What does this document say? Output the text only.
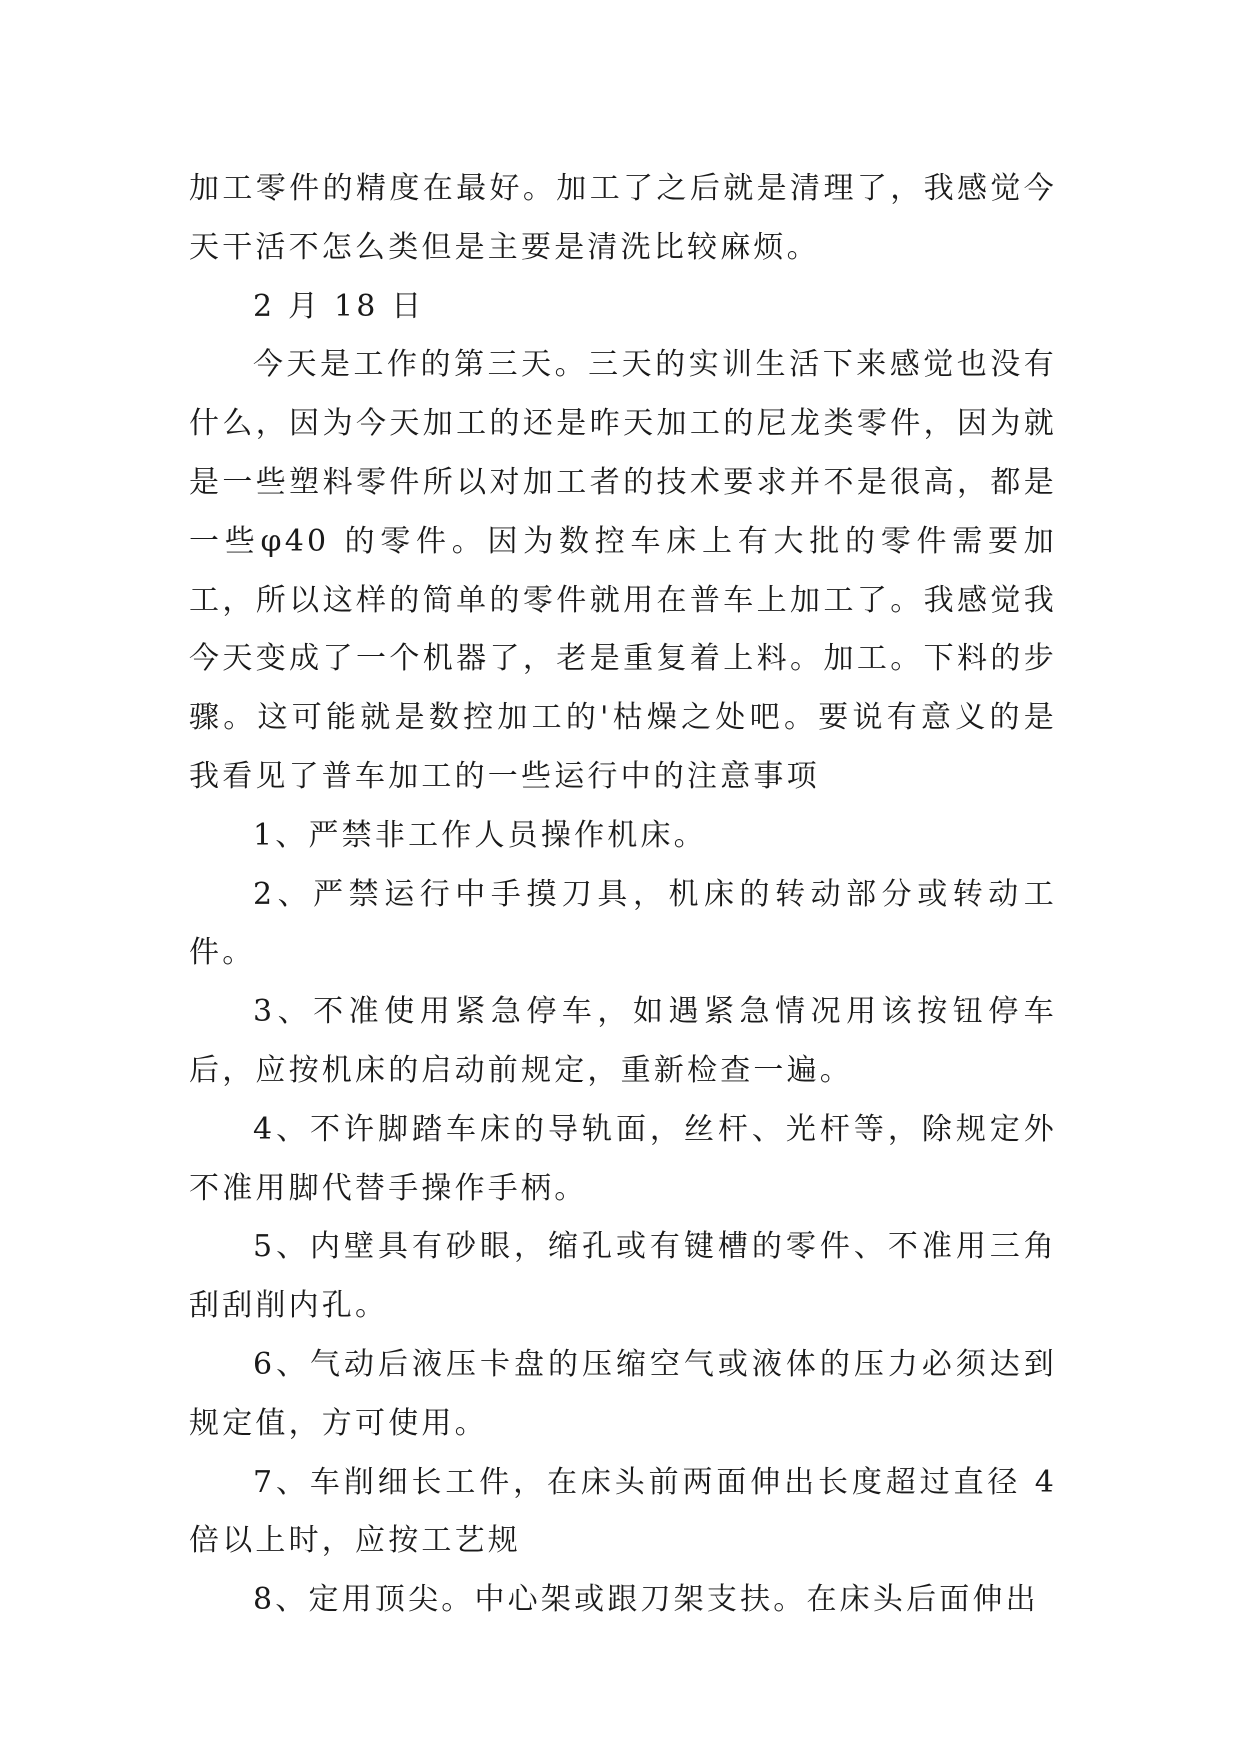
加工零件的精度在最好。加工了之后就是清理了，我感觉今天干活不怎么类但是主要是清洗比较麻烦。

2 月 18 日

今天是工作的第三天。三天的实训生活下来感觉也没有什么，因为今天加工的还是昨天加工的尼龙类零件，因为就是一些塑料零件所以对加工者的技术要求并不是很高，都是一些φ40 的零件。因为数控车床上有大批的零件需要加工，所以这样的简单的零件就用在普车上加工了。我感觉我今天变成了一个机器了，老是重复着上料。加工。下料的步骤。这可能就是数控加工的'枯燥之处吧。要说有意义的是我看见了普车加工的一些运行中的注意事项

1、严禁非工作人员操作机床。

2、严禁运行中手摸刀具，机床的转动部分或转动工件。

3、不准使用紧急停车，如遇紧急情况用该按钮停车后，应按机床的启动前规定，重新检查一遍。

4、不许脚踏车床的导轨面，丝杆、光杆等，除规定外不准用脚代替手操作手柄。

5、内壁具有砂眼，缩孔或有键槽的零件、不准用三角刮刮削内孔。

6、气动后液压卡盘的压缩空气或液体的压力必须达到规定值，方可使用。

7、车削细长工件，在床头前两面伸出长度超过直径 4 倍以上时，应按工艺规

8、定用顶尖。中心架或跟刀架支扶。在床头后面伸出
